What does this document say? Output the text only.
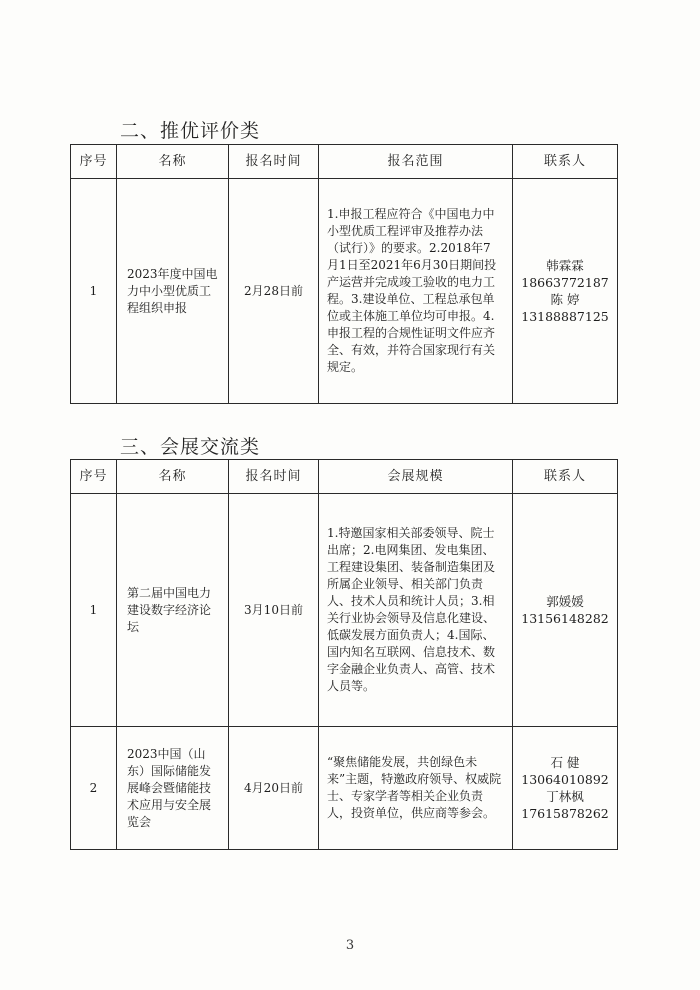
二、推优评价类
序号	名称	报名时间	报名范围	联系人
1	2023年度中国电力中小型优质工程组织申报	2月28日前	1.申报工程应符合《中国电力中小型优质工程评审及推荐办法（试行）》的要求。2.2018年7月1日至2021年6月30日期间投产运营并完成竣工验收的电力工程。3.建设单位、工程总承包单位或主体施工单位均可申报。4.申报工程的合规性证明文件应齐全、有效，并符合国家现行有关规定。	韩霖霖
18663772187
陈 婷
13188887125
三、会展交流类
序号	名称	报名时间	会展规模	联系人
1	第二届中国电力建设数字经济论坛	3月10日前	1.特邀国家相关部委领导、院士出席；2.电网集团、发电集团、工程建设集团、装备制造集团及所属企业领导、相关部门负责人、技术人员和统计人员；3.相关行业协会领导及信息化建设、低碳发展方面负责人；4.国际、国内知名互联网、信息技术、数字金融企业负责人、高管、技术人员等。	郭媛媛
13156148282

2	2023中国（山东）国际储能发展峰会暨储能技术应用与安全展览会	4月20日前	“聚焦储能发展，共创绿色未来”主题，特邀政府领导、权威院士、专家学者等相关企业负责人，投资单位，供应商等参会。	石 健
13064010892
丁林枫
17615878262
3
